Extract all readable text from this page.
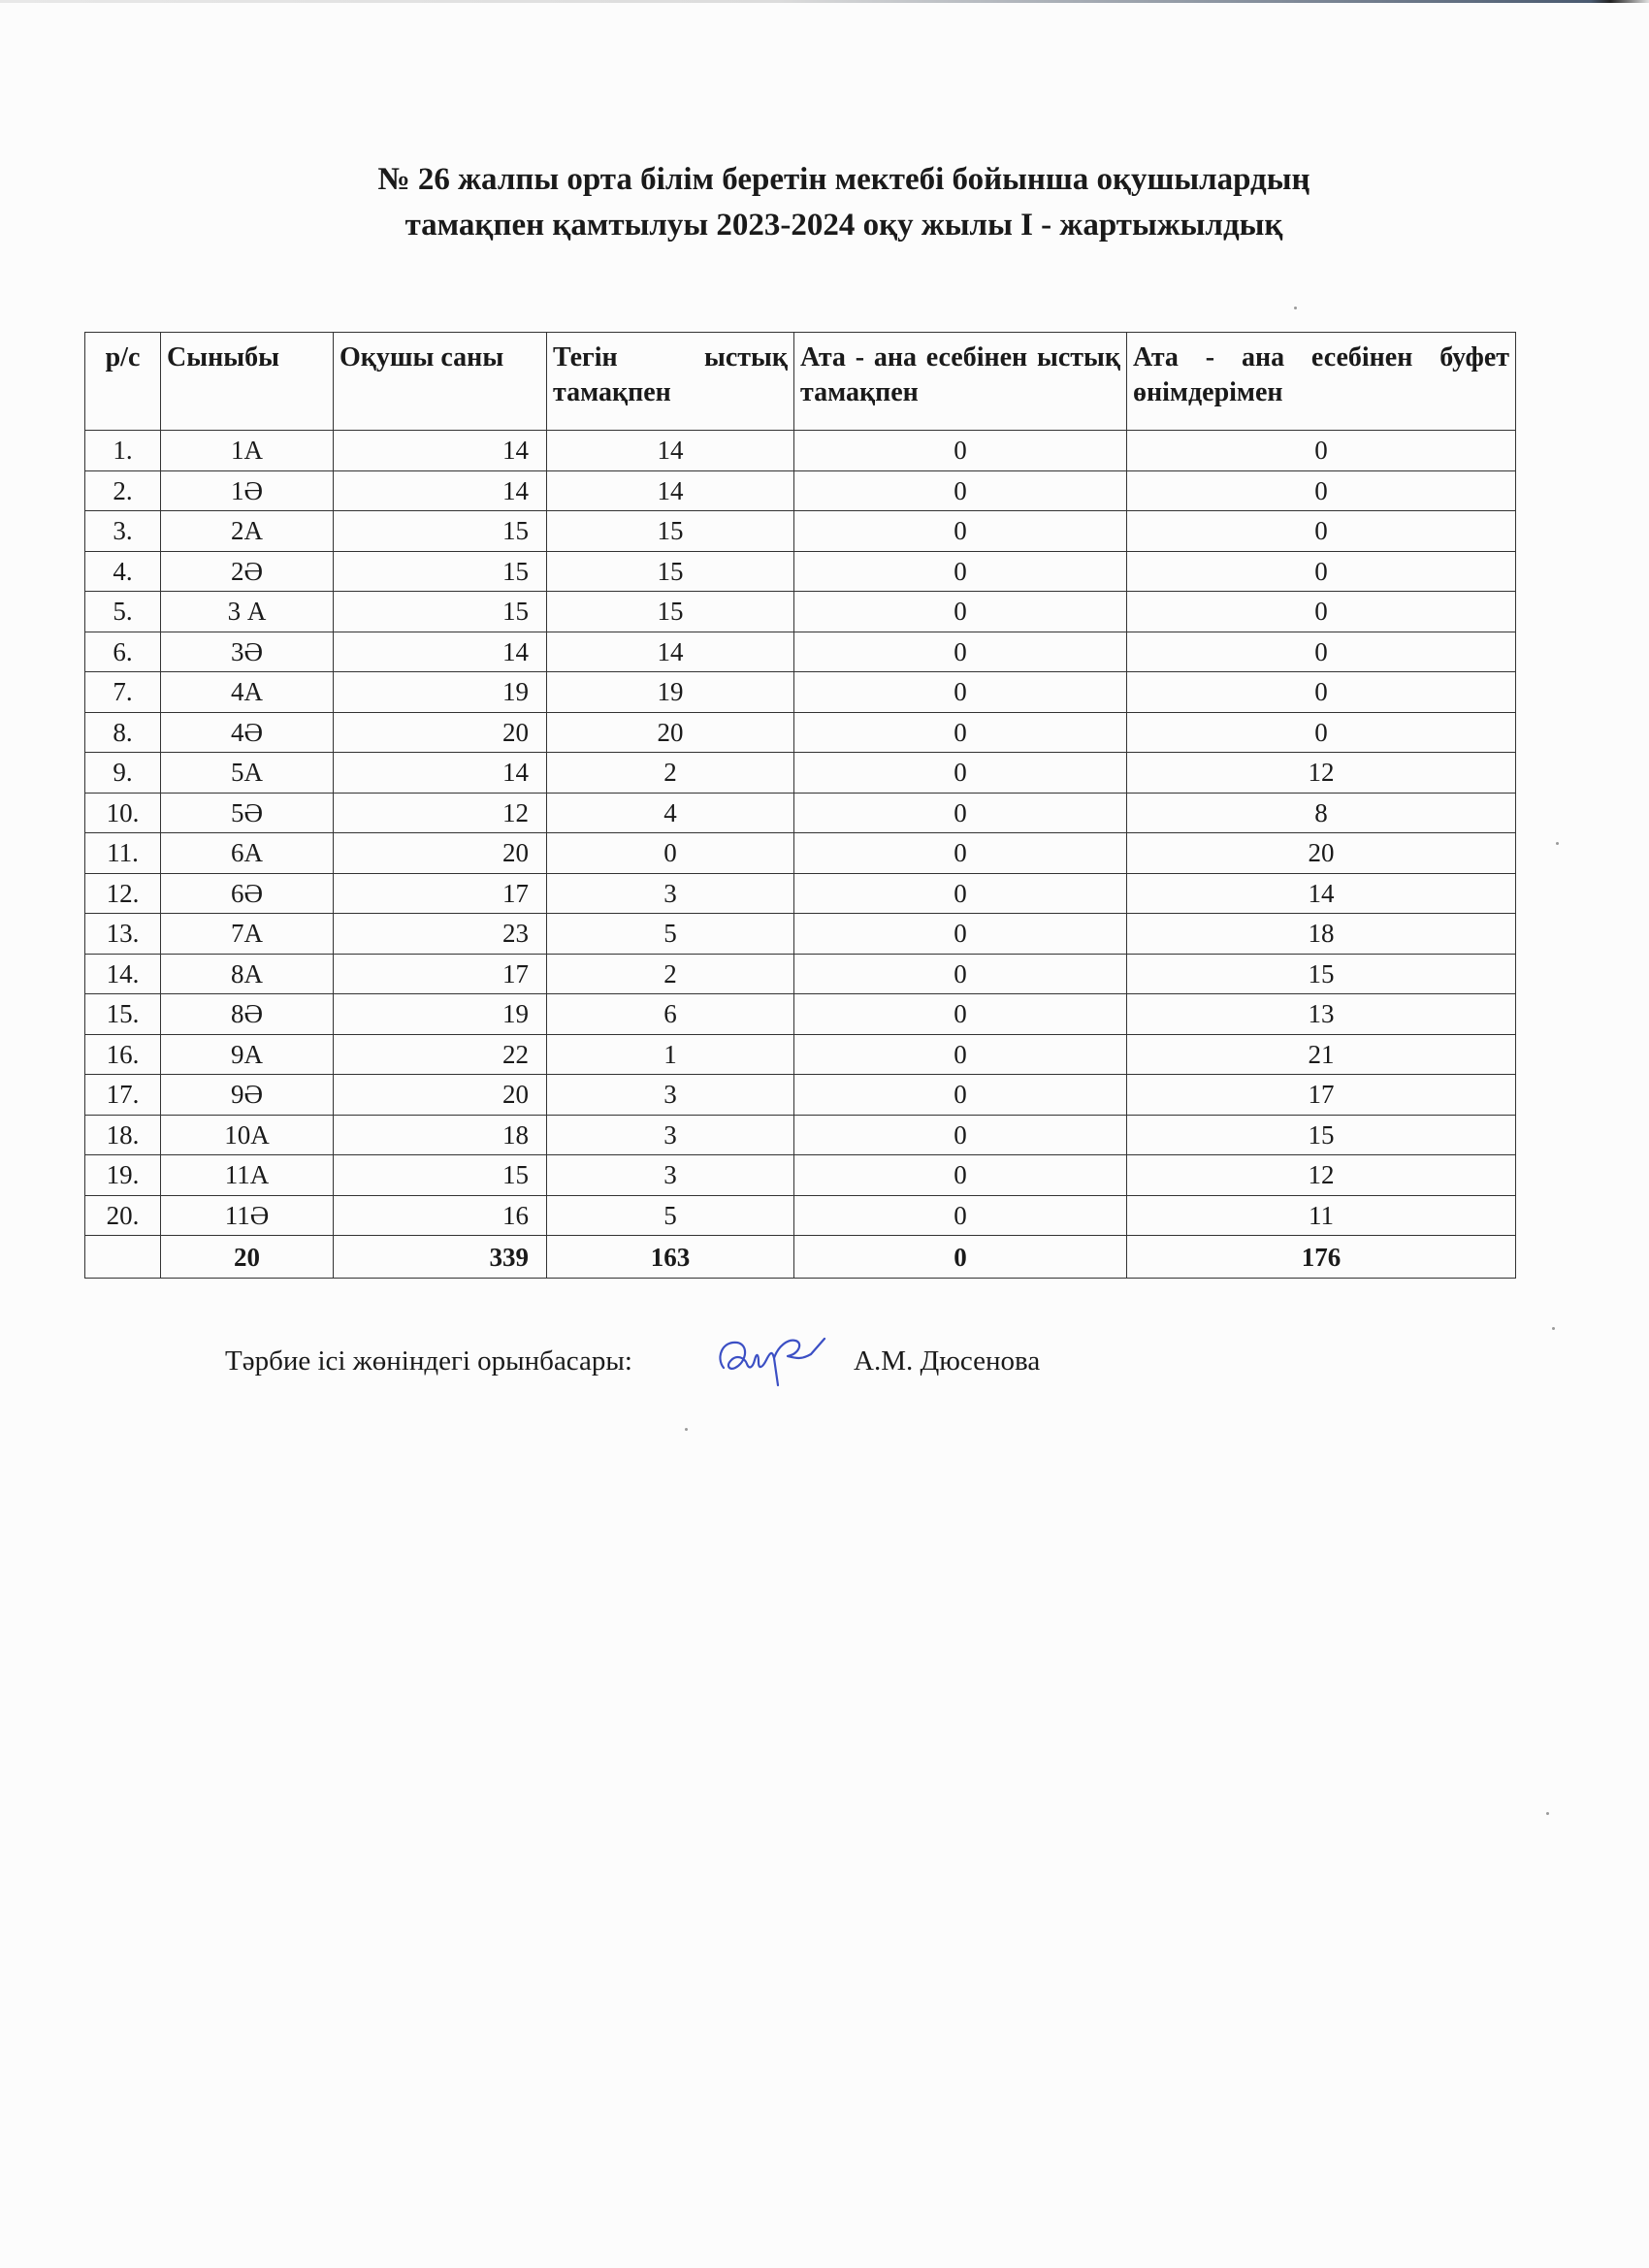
№ 26 жалпы орта білім беретін мектебі бойынша оқушылардың
тамақпен қамтылуы 2023-2024 оқу жылы I - жартыжылдық
р/с	Сыныбы	Оқушы саны	Тегін ыстық тамақпен	Ата - ана есебінен ыстық тамақпен	Ата - ана есебінен буфет өнімдерімен
1.	1А	14	14	0	0
2.	1Ә	14	14	0	0
3.	2А	15	15	0	0
4.	2Ә	15	15	0	0
5.	3 А	15	15	0	0
6.	3Ә	14	14	0	0
7.	4А	19	19	0	0
8.	4Ә	20	20	0	0
9.	5А	14	2	0	12
10.	5Ә	12	4	0	8
11.	6А	20	0	0	20
12.	6Ә	17	3	0	14
13.	7А	23	5	0	18
14.	8А	17	2	0	15
15.	8Ә	19	6	0	13
16.	9А	22	1	0	21
17.	9Ә	20	3	0	17
18.	10А	18	3	0	15
19.	11А	15	3	0	12
20.	11Ә	16	5	0	11
	20	339	163	0	176
Тәрбие ісі жөніндегі орынбасары:	А.М. Дюсенова
